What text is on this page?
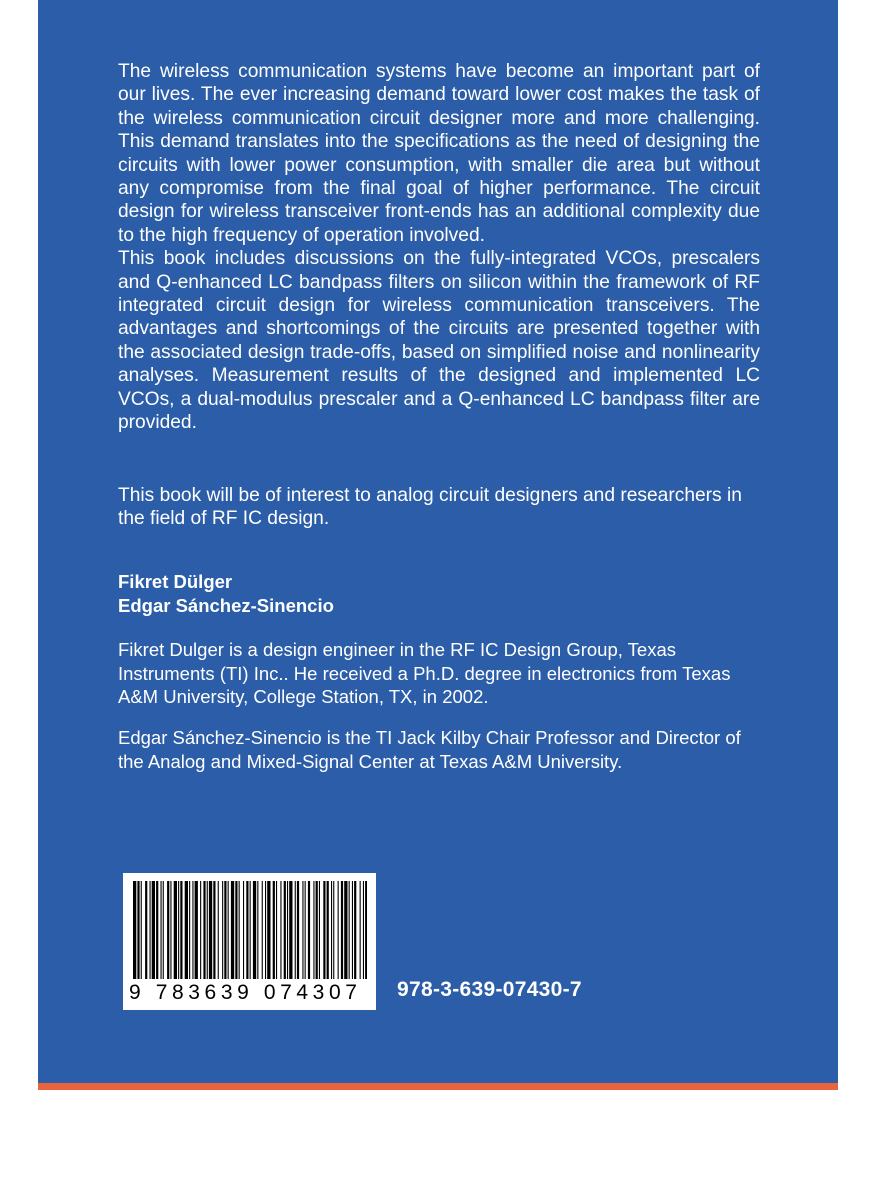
The wireless communication systems have become an important part of our lives. The ever increasing demand toward lower cost makes the task of the wireless communication circuit designer more and more challenging. This demand translates into the specifications as the need of designing the circuits with lower power consumption, with smaller die area but without any compromise from the final goal of higher performance. The circuit design for wireless transceiver front-ends has an additional complexity due to the high frequency of operation involved.

This book includes discussions on the fully-integrated VCOs, prescalers and Q-enhanced LC bandpass filters on silicon within the framework of RF integrated circuit design for wireless communication transceivers. The advantages and shortcomings of the circuits are presented together with the associated design trade-offs, based on simplified noise and nonlinearity analyses. Measurement results of the designed and implemented LC VCOs, a dual-modulus prescaler and a Q-enhanced LC bandpass filter are provided.

This book will be of interest to analog circuit designers and researchers in the field of RF IC design.

Fikret Dülger
Edgar Sánchez-Sinencio
Fikret Dulger is a design engineer in the RF IC Design Group, Texas Instruments (TI) Inc.. He received a Ph.D. degree in electronics from Texas A&M University, College Station, TX, in 2002.
Edgar Sánchez-Sinencio is the TI Jack Kilby Chair Professor and Director of the Analog and Mixed-Signal Center at Texas A&M University.
9 783639 074307	978-3-639-07430-7
